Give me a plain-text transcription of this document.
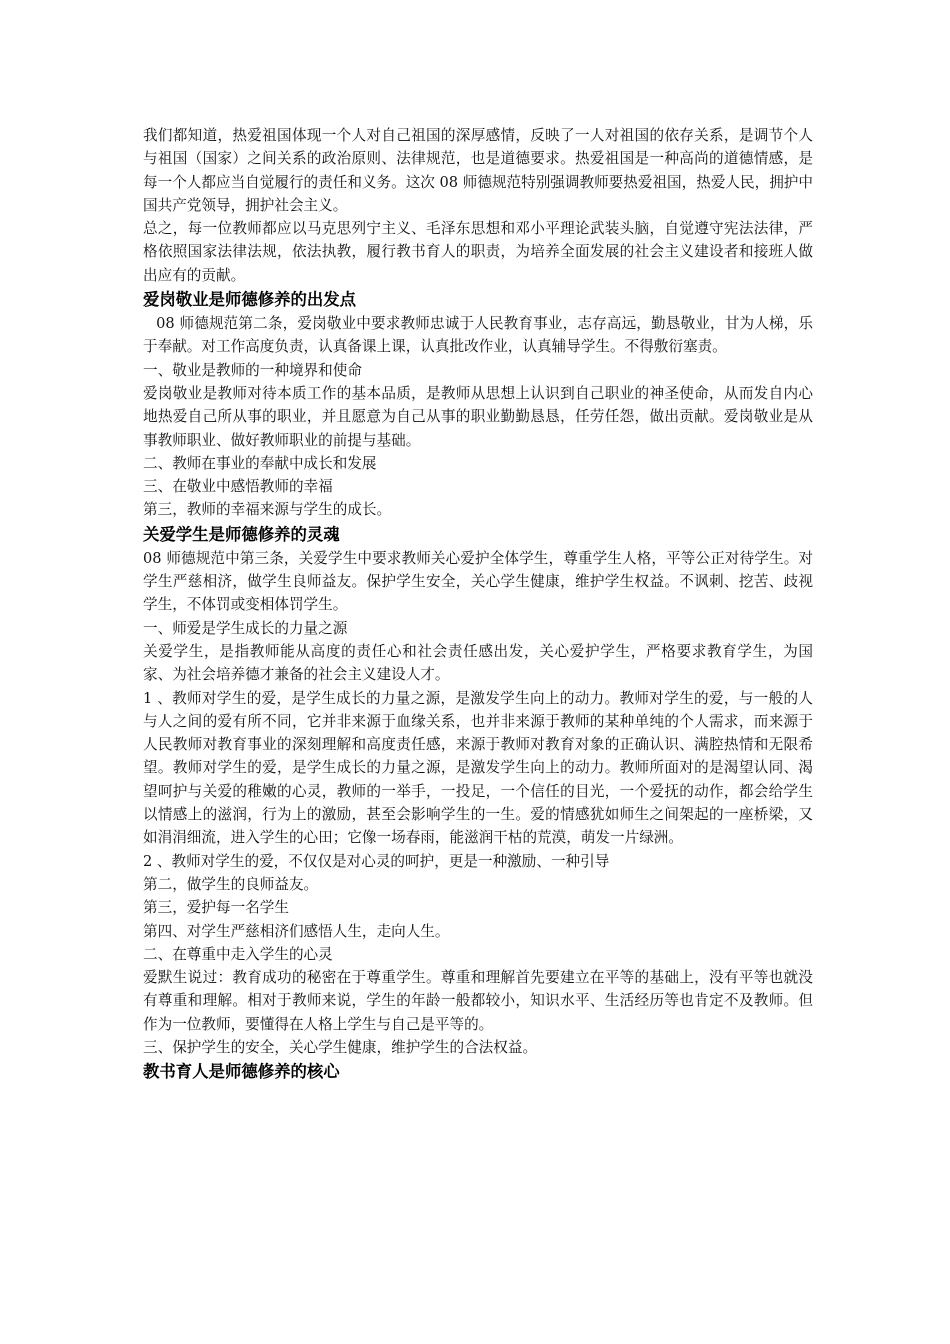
我们都知道，热爱祖国体现一个人对自己祖国的深厚感情，反映了一人对祖国的依存关系，是调节个人与祖国（国家）之间关系的政治原则、法律规范，也是道德要求。热爱祖国是一种高尚的道德情感，是每一个人都应当自觉履行的责任和义务。这次 08 师德规范特别强调教师要热爱祖国，热爱人民，拥护中国共产党领导，拥护社会主义。

总之，每一位教师都应以马克思列宁主义、毛泽东思想和邓小平理论武装头脑，自觉遵守宪法法律，严格依照国家法律法规，依法执教，履行教书育人的职责，为培养全面发展的社会主义建设者和接班人做出应有的贡献。

爱岗敬业是师德修养的出发点

08 师德规范第二条，爱岗敬业中要求教师忠诚于人民教育事业，志存高远，勤恳敬业，甘为人梯，乐于奉献。对工作高度负责，认真备课上课，认真批改作业，认真辅导学生。不得敷衍塞责。

一、敬业是教师的一种境界和使命

爱岗敬业是教师对待本质工作的基本品质，是教师从思想上认识到自己职业的神圣使命，从而发自内心地热爱自己所从事的职业，并且愿意为自己从事的职业勤勤恳恳，任劳任怨，做出贡献。爱岗敬业是从事教师职业、做好教师职业的前提与基础。

二、教师在事业的奉献中成长和发展

三、在敬业中感悟教师的幸福

第三，教师的幸福来源与学生的成长。

关爱学生是师德修养的灵魂

08 师德规范中第三条，关爱学生中要求教师关心爱护全体学生，尊重学生人格，平等公正对待学生。对学生严慈相济，做学生良师益友。保护学生安全，关心学生健康，维护学生权益。不讽刺、挖苦、歧视学生，不体罚或变相体罚学生。

一、师爱是学生成长的力量之源

关爱学生，是指教师能从高度的责任心和社会责任感出发，关心爱护学生，严格要求教育学生，为国家、为社会培养德才兼备的社会主义建设人才。

1 、教师对学生的爱，是学生成长的力量之源，是激发学生向上的动力。教师对学生的爱，与一般的人与人之间的爱有所不同，它并非来源于血缘关系，也并非来源于教师的某种单纯的个人需求，而来源于人民教师对教育事业的深刻理解和高度责任感，来源于教师对教育对象的正确认识、满腔热情和无限希望。教师对学生的爱，是学生成长的力量之源，是激发学生向上的动力。教师所面对的是渴望认同、渴望呵护与关爱的稚嫩的心灵，教师的一举手，一投足，一个信任的目光，一个爱抚的动作，都会给学生以情感上的滋润，行为上的激励，甚至会影响学生的一生。爱的情感犹如师生之间架起的一座桥梁，又如涓涓细流，进入学生的心田；它像一场春雨，能滋润干枯的荒漠，萌发一片绿洲。

2 、教师对学生的爱，不仅仅是对心灵的呵护，更是一种激励、一种引导

第二，做学生的良师益友。

第三，爱护每一名学生

第四、对学生严慈相济们感悟人生，走向人生。

二、在尊重中走入学生的心灵

爱默生说过：教育成功的秘密在于尊重学生。尊重和理解首先要建立在平等的基础上，没有平等也就没有尊重和理解。相对于教师来说，学生的年龄一般都较小，知识水平、生活经历等也肯定不及教师。但作为一位教师，要懂得在人格上学生与自己是平等的。

三、保护学生的安全，关心学生健康，维护学生的合法权益。

教书育人是师德修养的核心
